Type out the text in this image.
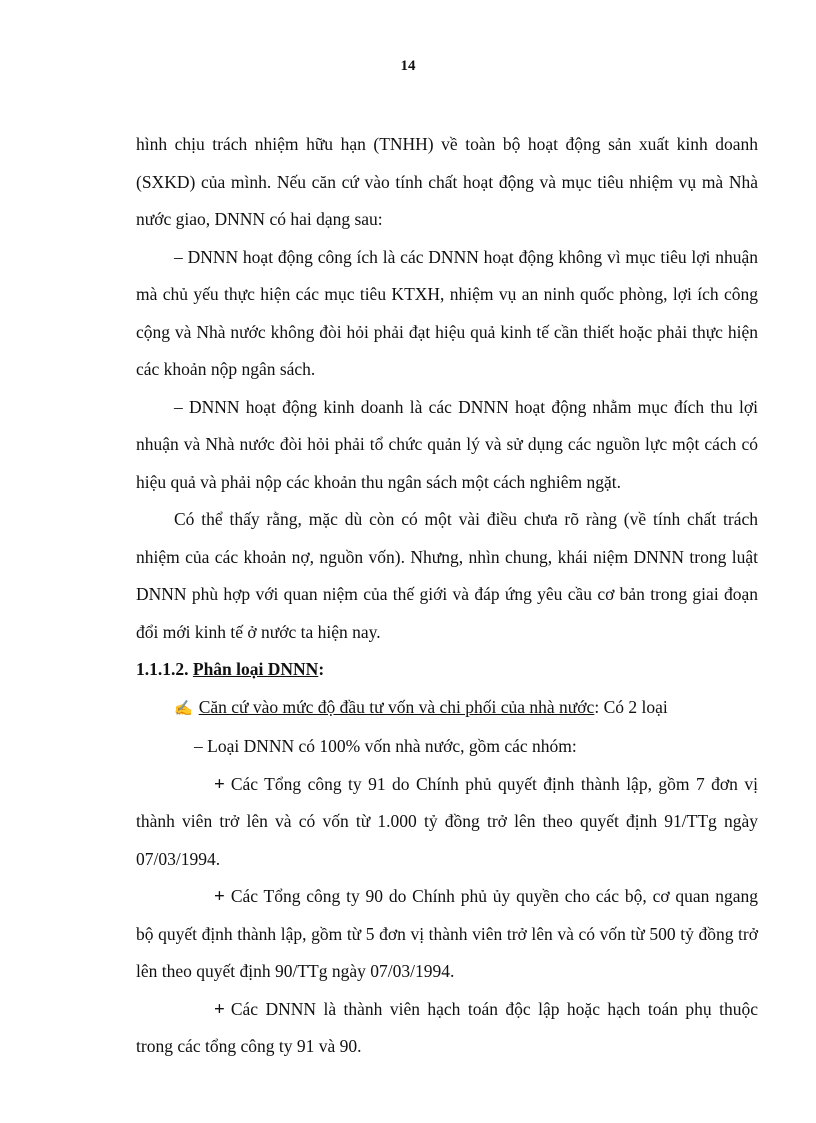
14

hình chịu trách nhiệm hữu hạn (TNHH) về toàn bộ hoạt động sản xuất kinh doanh (SXKD) của mình. Nếu căn cứ vào tính chất hoạt động và mục tiêu nhiệm vụ mà Nhà nước giao, DNNN có hai dạng sau:

– DNNN hoạt động công ích là các DNNN hoạt động không vì mục tiêu lợi nhuận mà chủ yếu thực hiện các mục tiêu KTXH, nhiệm vụ an ninh quốc phòng, lợi ích công cộng và Nhà nước không đòi hỏi phải đạt hiệu quả kinh tế cần thiết hoặc phải thực hiện các khoản nộp ngân sách.

– DNNN hoạt động kinh doanh là các DNNN hoạt động nhằm mục đích thu lợi nhuận và Nhà nước đòi hỏi phải tổ chức quản lý và sử dụng các nguồn lực một cách có hiệu quả và phải nộp các khoản thu ngân sách một cách nghiêm ngặt.

Có thể thấy rằng, mặc dù còn có một vài điều chưa rõ ràng (về tính chất trách nhiệm của các khoản nợ, nguồn vốn). Nhưng, nhìn chung, khái niệm DNNN trong luật DNNN phù hợp với quan niệm của thế giới và đáp ứng yêu cầu cơ bản trong giai đoạn đổi mới kinh tế ở nước ta hiện nay.

1.1.1.2. Phân loại DNNN:

✍ Căn cứ vào mức độ đầu tư vốn và chi phối của nhà nước: Có 2 loại

– Loại DNNN có 100% vốn nhà nước, gồm các nhóm:

+ Các Tổng công ty 91 do Chính phủ quyết định thành lập, gồm 7 đơn vị thành viên trở lên và có vốn từ 1.000 tỷ đồng trở lên theo quyết định 91/TTg ngày 07/03/1994.

+ Các Tổng công ty 90 do Chính phủ ủy quyền cho các bộ, cơ quan ngang bộ quyết định thành lập, gồm từ 5 đơn vị thành viên trở lên và có vốn từ 500 tỷ đồng trở lên theo quyết định 90/TTg ngày 07/03/1994.

+ Các DNNN là thành viên hạch toán độc lập hoặc hạch toán phụ thuộc trong các tổng công ty 91 và 90.
